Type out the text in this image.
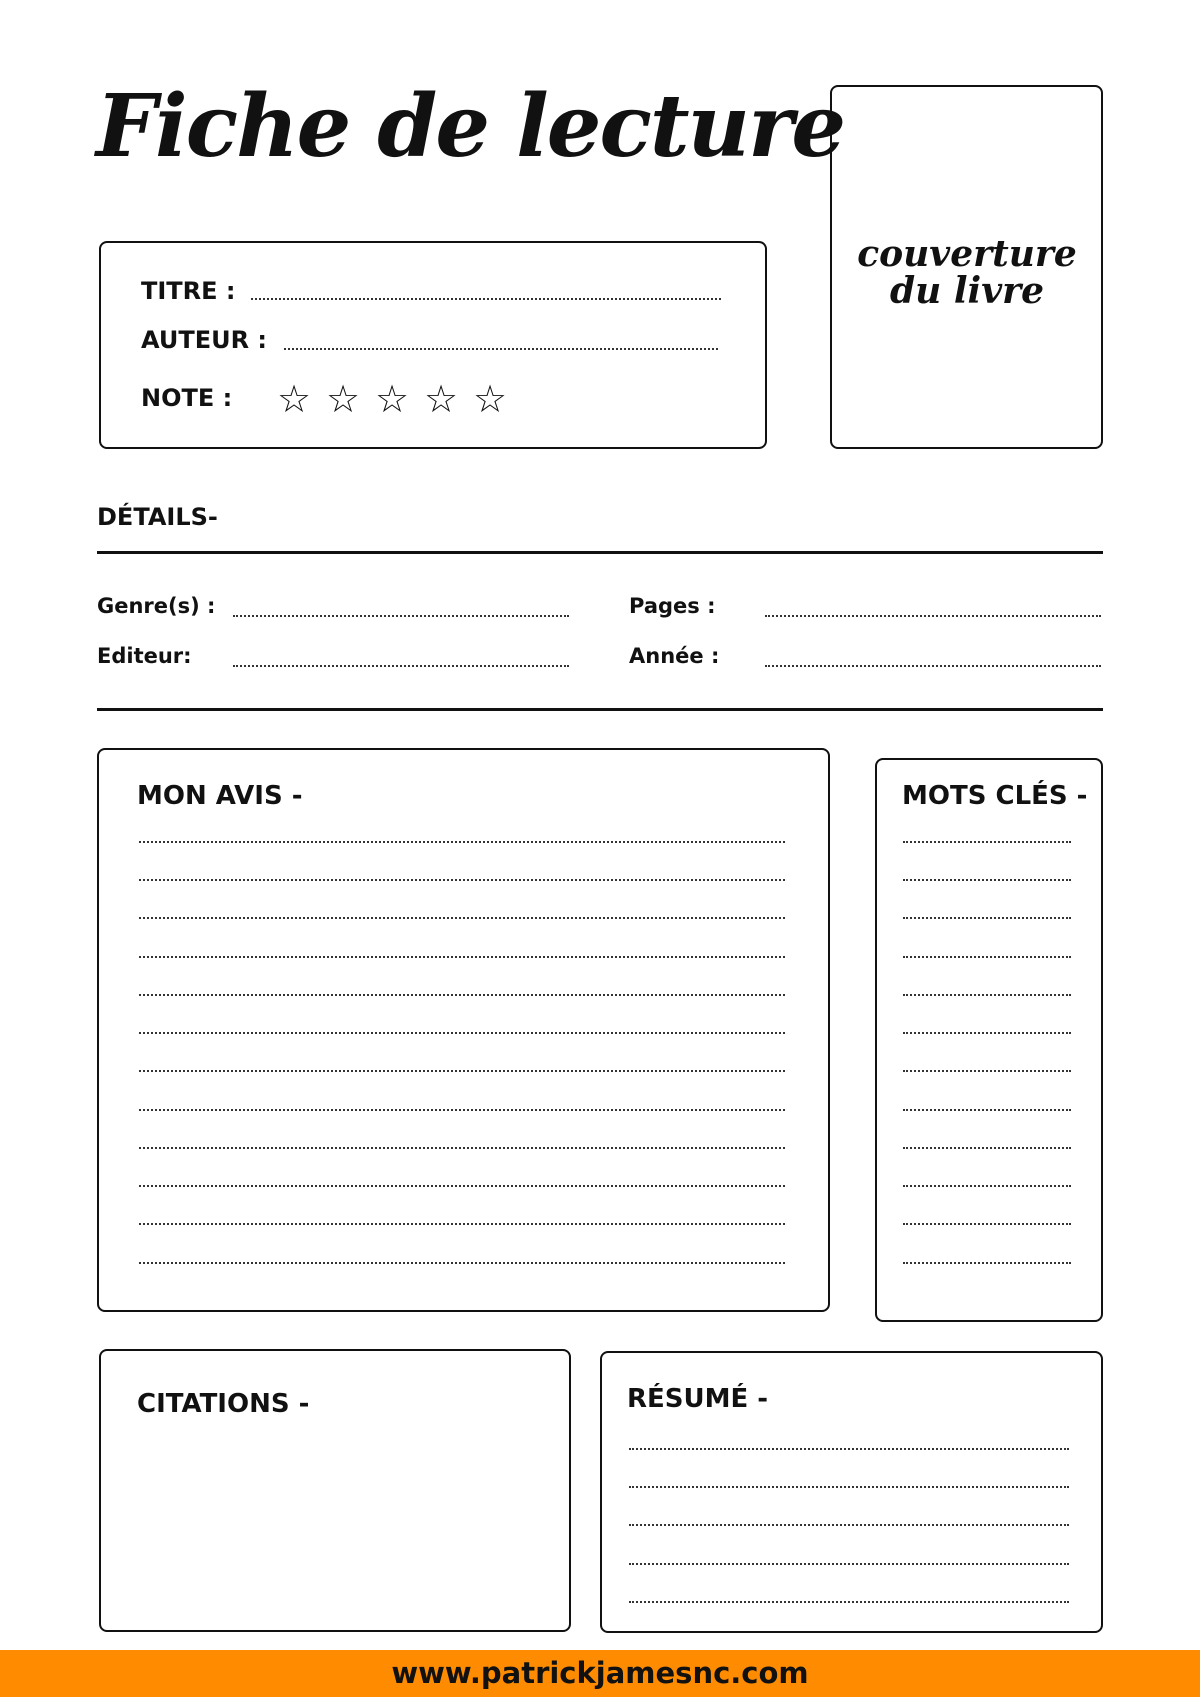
Fiche de lecture
TITRE :
AUTEUR :
NOTE : ☆ ☆ ☆ ☆ ☆
couverture
du livre
DÉTAILS-
Genre(s) :	Pages :
Editeur:	Année :
MON AVIS -	MOTS CLÉS -
CITATIONS -	RÉSUMÉ -
www.patrickjamesnc.com
